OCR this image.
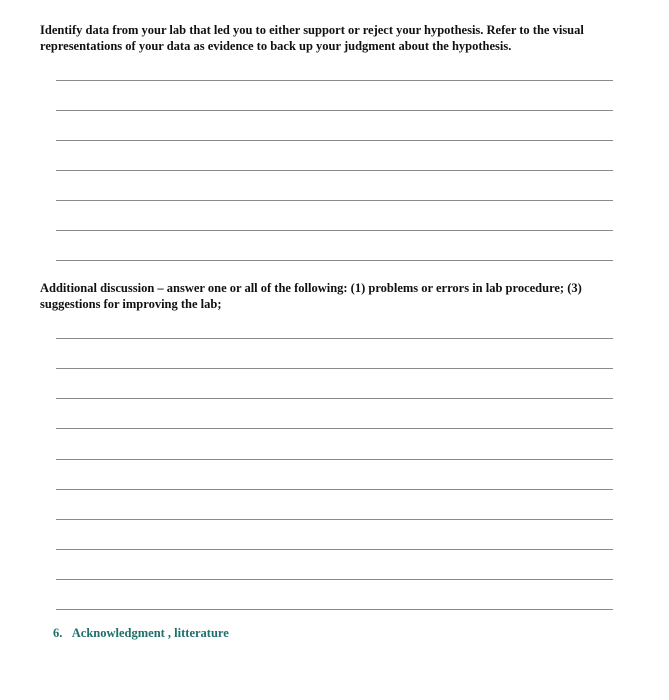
Identify data from your lab that led you to either support or reject your hypothesis. Refer to the visual
representations of your data as evidence to back up your judgment about the hypothesis.

Additional discussion – answer one or all of the following: (1) problems or errors in lab procedure; (3)
suggestions for improving the lab;

6. Acknowledgment , litterature
